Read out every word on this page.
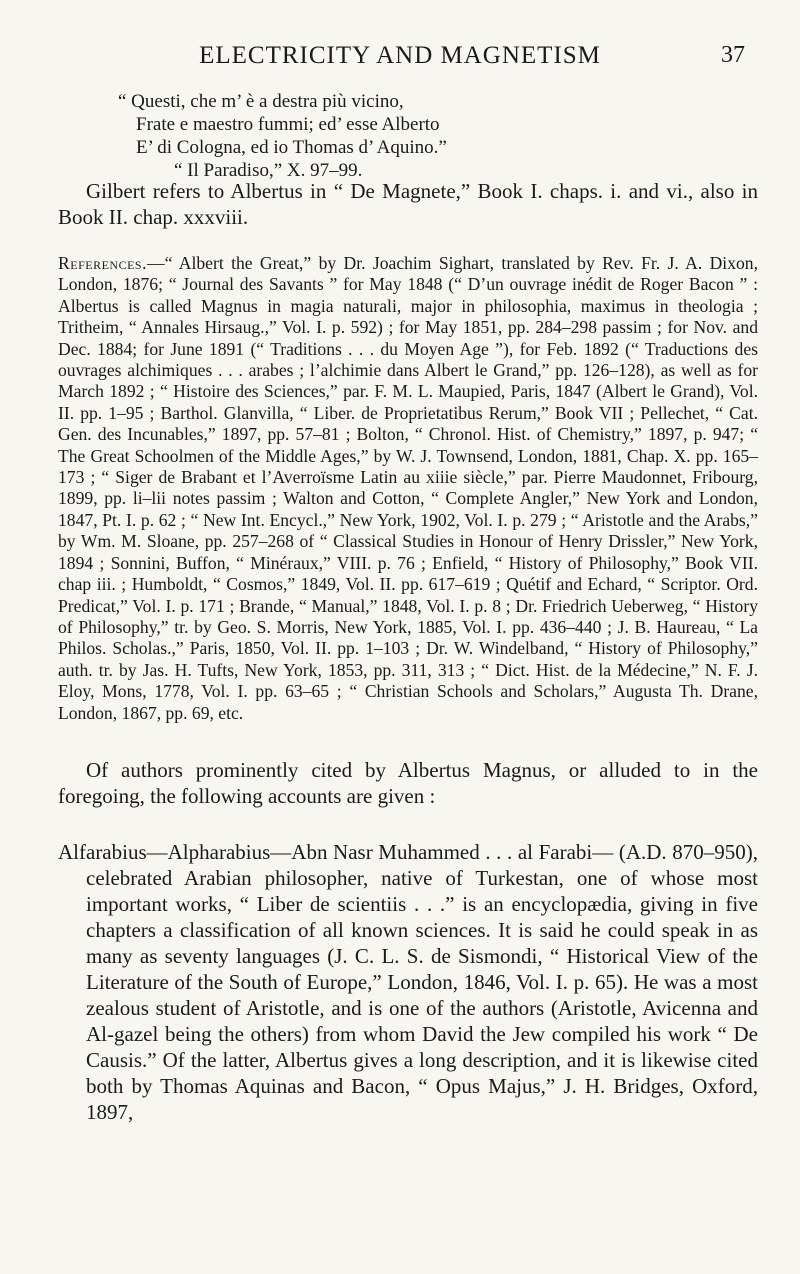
ELECTRICITY AND MAGNETISM	37
“ Questi, che m’ è a destra più vicino,
Frate e maestro fummi; ed’ esse Alberto
E’ di Cologna, ed io Thomas d’ Aquino.”
“ Il Paradiso,” X. 97–99.
Gilbert refers to Albertus in “ De Magnete,” Book I. chaps. i. and vi., also in Book II. chap. xxxviii.
References.—“ Albert the Great,” by Dr. Joachim Sighart, translated by Rev. Fr. J. A. Dixon, London, 1876; “ Journal des Savants ” for May 1848 (“ D’un ouvrage inédit de Roger Bacon ” : Albertus is called Magnus in magia naturali, major in philosophia, maximus in theologia ; Tritheim, “ Annales Hirsaug.,” Vol. I. p. 592) ; for May 1851, pp. 284–298 passim ; for Nov. and Dec. 1884; for June 1891 (“ Traditions . . . du Moyen Age ”), for Feb. 1892 (“ Traductions des ouvrages alchimiques . . . arabes ; l’alchimie dans Albert le Grand,” pp. 126–128), as well as for March 1892 ; “ Histoire des Sciences,” par. F. M. L. Maupied, Paris, 1847 (Albert le Grand), Vol. II. pp. 1–95 ; Barthol. Glanvilla, “ Liber. de Proprietatibus Rerum,” Book VII ; Pellechet, “ Cat. Gen. des Incunables,” 1897, pp. 57–81 ; Bolton, “ Chronol. Hist. of Chemistry,” 1897, p. 947; “ The Great Schoolmen of the Middle Ages,” by W. J. Townsend, London, 1881, Chap. X. pp. 165–173 ; “ Siger de Brabant et l’Averroïsme Latin au xiiie siècle,” par. Pierre Maudonnet, Fribourg, 1899, pp. li–lii notes passim ; Walton and Cotton, “ Complete Angler,” New York and London, 1847, Pt. I. p. 62 ; “ New Int. Encycl.,” New York, 1902, Vol. I. p. 279 ; “ Aristotle and the Arabs,” by Wm. M. Sloane, pp. 257–268 of “ Classical Studies in Honour of Henry Drissler,” New York, 1894 ; Sonnini, Buffon, “ Minéraux,” VIII. p. 76 ; Enfield, “ History of Philosophy,” Book VII. chap iii. ; Humboldt, “ Cosmos,” 1849, Vol. II. pp. 617–619 ; Quétif and Echard, “ Scriptor. Ord. Predicat,” Vol. I. p. 171 ; Brande, “ Manual,” 1848, Vol. I. p. 8 ; Dr. Friedrich Ueberweg, “ History of Philosophy,” tr. by Geo. S. Morris, New York, 1885, Vol. I. pp. 436–440 ; J. B. Haureau, “ La Philos. Scholas.,” Paris, 1850, Vol. II. pp. 1–103 ; Dr. W. Windelband, “ History of Philosophy,” auth. tr. by Jas. H. Tufts, New York, 1853, pp. 311, 313 ; “ Dict. Hist. de la Médecine,” N. F. J. Eloy, Mons, 1778, Vol. I. pp. 63–65 ; “ Christian Schools and Scholars,” Augusta Th. Drane, London, 1867, pp. 69, etc.
Of authors prominently cited by Albertus Magnus, or alluded to in the foregoing, the following accounts are given :
Alfarabius—Alpharabius—Abn Nasr Muhammed . . . al Farabi— (A.D. 870–950), celebrated Arabian philosopher, native of Turkestan, one of whose most important works, “ Liber de scientiis . . .” is an encyclopædia, giving in five chapters a classification of all known sciences. It is said he could speak in as many as seventy languages (J. C. L. S. de Sismondi, “ Historical View of the Literature of the South of Europe,” London, 1846, Vol. I. p. 65). He was a most zealous student of Aristotle, and is one of the authors (Aristotle, Avicenna and Al-gazel being the others) from whom David the Jew compiled his work “ De Causis.” Of the latter, Albertus gives a long description, and it is likewise cited both by Thomas Aquinas and Bacon, “ Opus Majus,” J. H. Bridges, Oxford, 1897,
